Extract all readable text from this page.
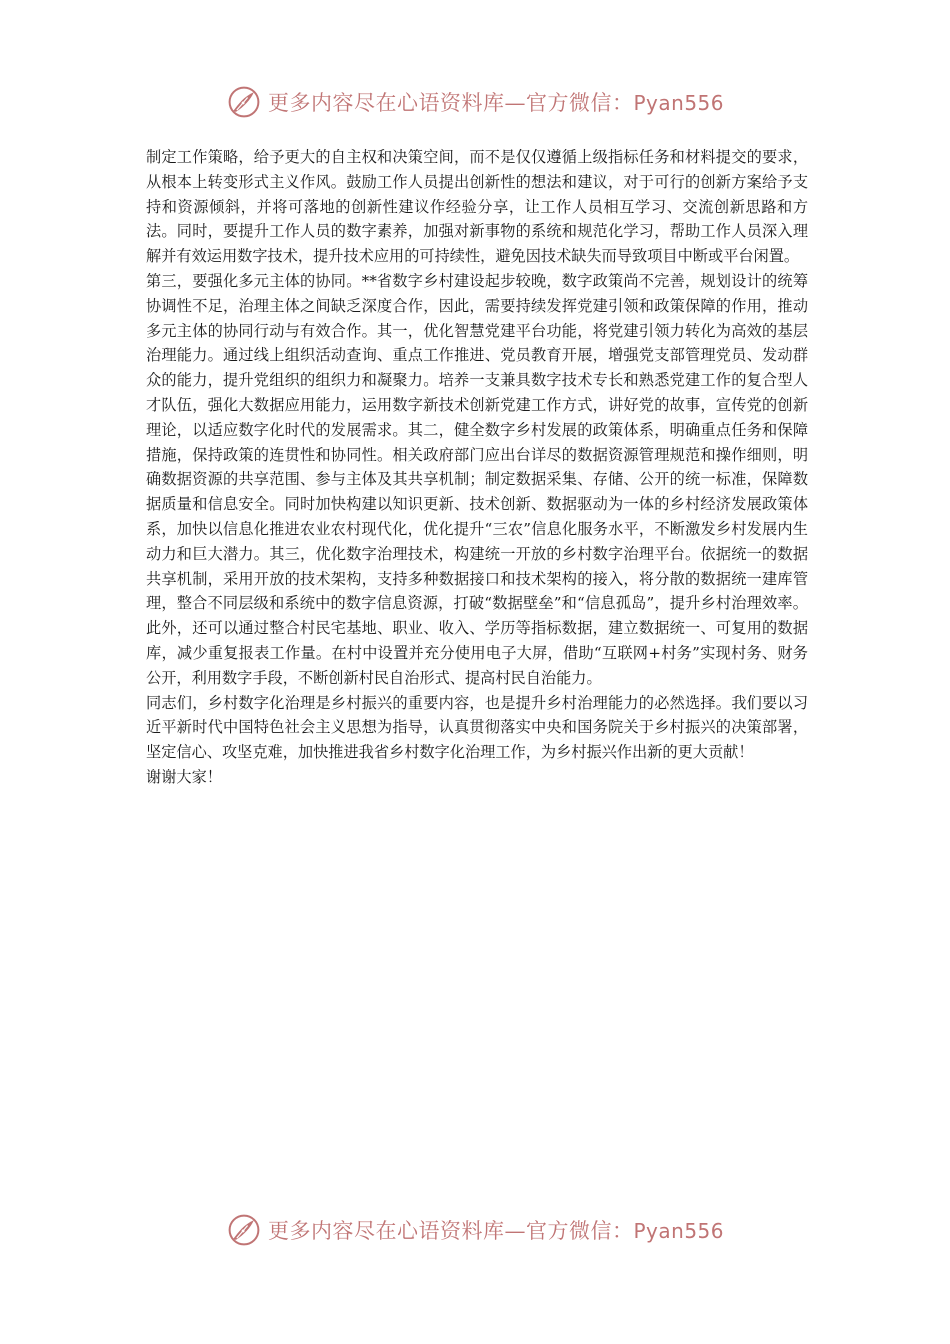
更多内容尽在心语资料库—官方微信：Pyan556

制定工作策略，给予更大的自主权和决策空间，而不是仅仅遵循上级指标任务和材料提交的要求，从根本上转变形式主义作风。鼓励工作人员提出创新性的想法和建议，对于可行的创新方案给予支持和资源倾斜，并将可落地的创新性建议作经验分享，让工作人员相互学习、交流创新思路和方法。同时，要提升工作人员的数字素养，加强对新事物的系统和规范化学习，帮助工作人员深入理解并有效运用数字技术，提升技术应用的可持续性，避免因技术缺失而导致项目中断或平台闲置。

第三，要强化多元主体的协同。**省数字乡村建设起步较晚，数字政策尚不完善，规划设计的统筹协调性不足，治理主体之间缺乏深度合作，因此，需要持续发挥党建引领和政策保障的作用，推动多元主体的协同行动与有效合作。其一，优化智慧党建平台功能，将党建引领力转化为高效的基层治理能力。通过线上组织活动查询、重点工作推进、党员教育开展，增强党支部管理党员、发动群众的能力，提升党组织的组织力和凝聚力。培养一支兼具数字技术专长和熟悉党建工作的复合型人才队伍，强化大数据应用能力，运用数字新技术创新党建工作方式，讲好党的故事，宣传党的创新理论，以适应数字化时代的发展需求。其二，健全数字乡村发展的政策体系，明确重点任务和保障措施，保持政策的连贯性和协同性。相关政府部门应出台详尽的数据资源管理规范和操作细则，明确数据资源的共享范围、参与主体及其共享机制；制定数据采集、存储、公开的统一标准，保障数据质量和信息安全。同时加快构建以知识更新、技术创新、数据驱动为一体的乡村经济发展政策体系，加快以信息化推进农业农村现代化，优化提升“三农”信息化服务水平，不断激发乡村发展内生动力和巨大潜力。其三，优化数字治理技术，构建统一开放的乡村数字治理平台。依据统一的数据共享机制，采用开放的技术架构，支持多种数据接口和技术架构的接入，将分散的数据统一建库管理，整合不同层级和系统中的数字信息资源，打破“数据壁垒”和“信息孤岛”，提升乡村治理效率。此外，还可以通过整合村民宅基地、职业、收入、学历等指标数据，建立数据统一、可复用的数据库，减少重复报表工作量。在村中设置并充分使用电子大屏，借助“互联网+村务”实现村务、财务公开，利用数字手段，不断创新村民自治形式、提高村民自治能力。

同志们，乡村数字化治理是乡村振兴的重要内容，也是提升乡村治理能力的必然选择。我们要以习近平新时代中国特色社会主义思想为指导，认真贯彻落实中央和国务院关于乡村振兴的决策部署，坚定信心、攻坚克难，加快推进我省乡村数字化治理工作，为乡村振兴作出新的更大贡献！

谢谢大家！

更多内容尽在心语资料库—官方微信：Pyan556
